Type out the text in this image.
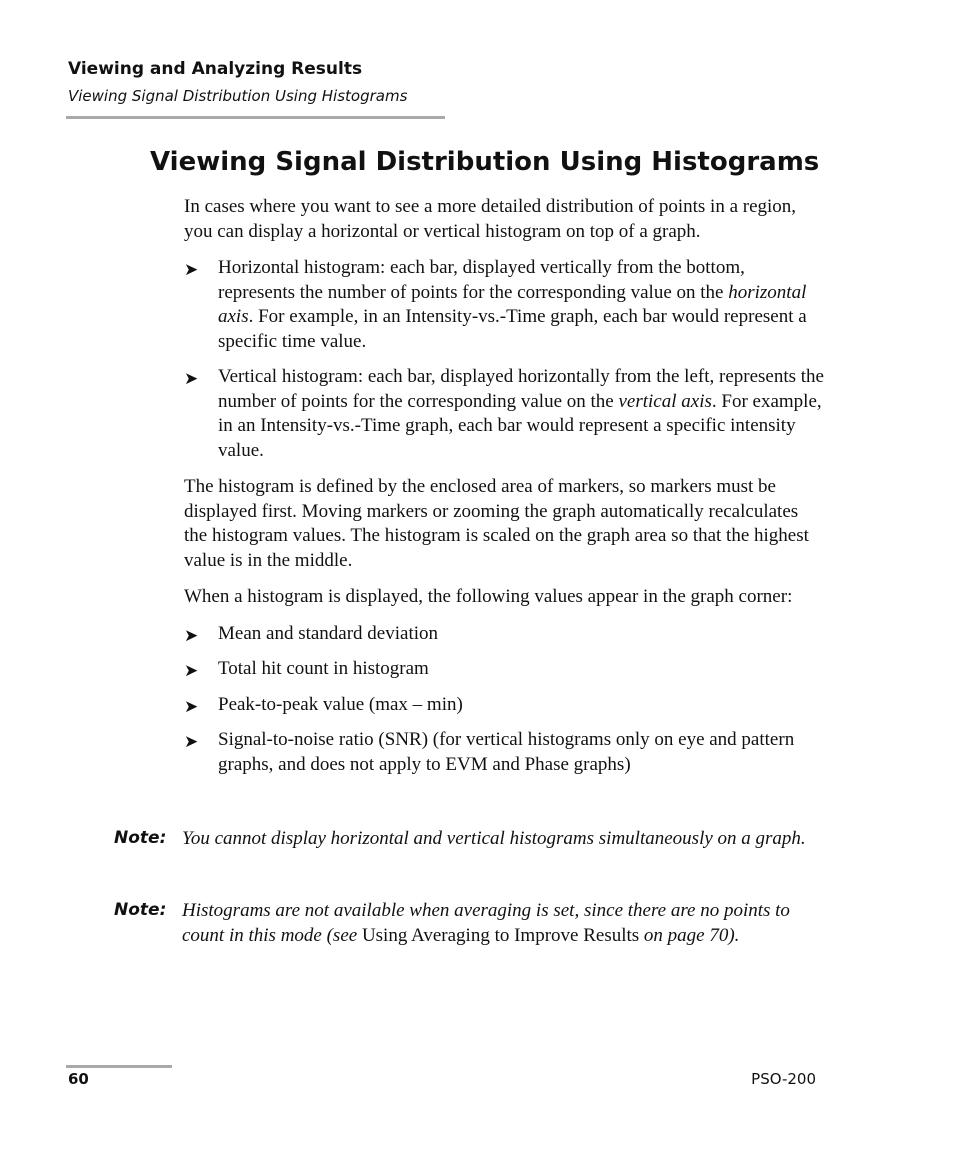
Viewing and Analyzing Results

Viewing Signal Distribution Using Histograms

Viewing Signal Distribution Using Histograms

In cases where you want to see a more detailed distribution of points in a region, you can display a horizontal or vertical histogram on top of a graph.

➤ Horizontal histogram: each bar, displayed vertically from the bottom, represents the number of points for the corresponding value on the horizontal axis. For example, in an Intensity-vs.-Time graph, each bar would represent a specific time value.
➤ Vertical histogram: each bar, displayed horizontally from the left, represents the number of points for the corresponding value on the vertical axis. For example, in an Intensity-vs.-Time graph, each bar would represent a specific intensity value.

The histogram is defined by the enclosed area of markers, so markers must be displayed first. Moving markers or zooming the graph automatically recalculates the histogram values. The histogram is scaled on the graph area so that the highest value is in the middle.

When a histogram is displayed, the following values appear in the graph corner:

➤ Mean and standard deviation
➤ Total hit count in histogram
➤ Peak-to-peak value (max – min)
➤ Signal-to-noise ratio (SNR) (for vertical histograms only on eye and pattern graphs, and does not apply to EVM and Phase graphs)
Note: You cannot display horizontal and vertical histograms simultaneously on a graph.
Note: Histograms are not available when averaging is set, since there are no points to count in this mode (see Using Averaging to Improve Results on page 70).
60	PSO-200
